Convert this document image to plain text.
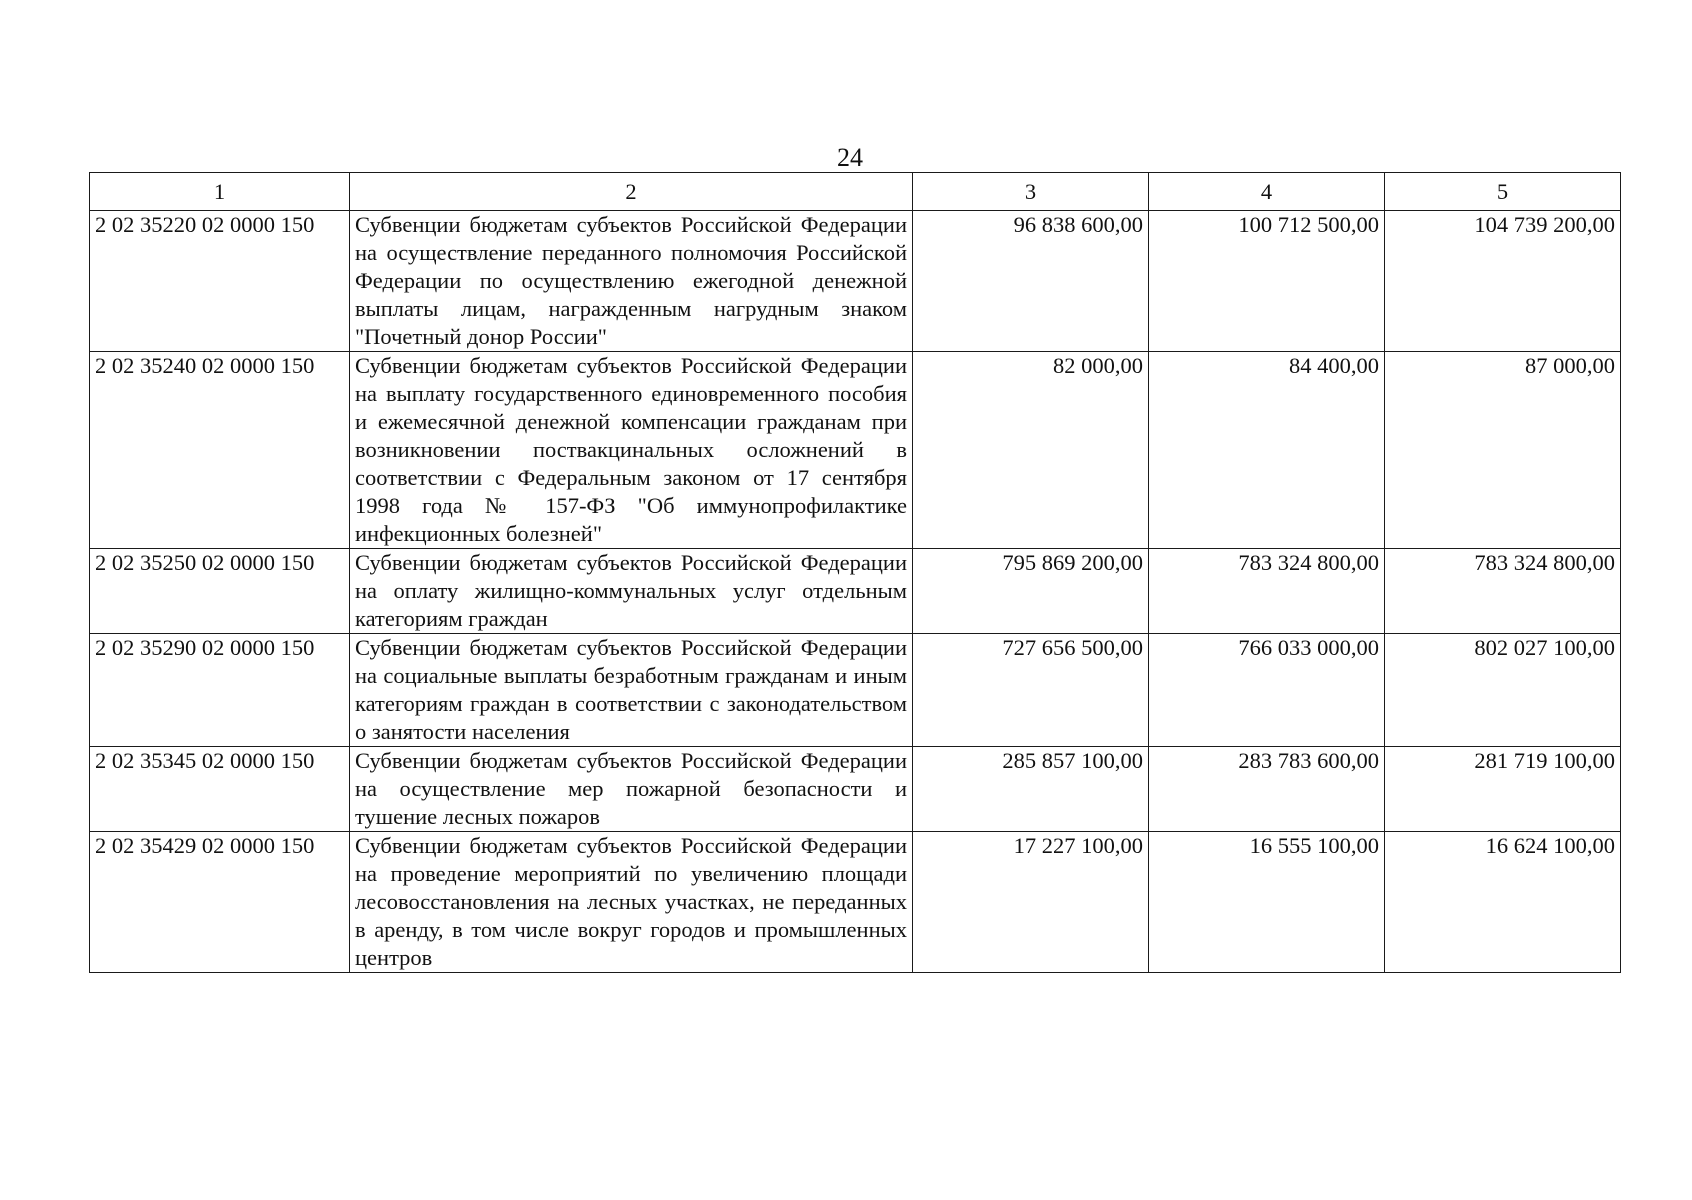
24
1	2	3	4	5
2 02 35220 02 0000 150	Субвенции бюджетам субъектов Российской Федерации на осуществление переданного полномочия Российской Федерации по осуществлению ежегодной денежной выплаты лицам, награжденным нагрудным знаком "Почетный донор России"	96 838 600,00	100 712 500,00	104 739 200,00
2 02 35240 02 0000 150	Субвенции бюджетам субъектов Российской Федерации на выплату государственного единовременного пособия и ежемесячной денежной компенсации гражданам при возникновении поствакцинальных осложнений в соответствии с Федеральным законом от 17 сентября 1998 года № 157-ФЗ "Об иммунопрофилактике инфекционных болезней"	82 000,00	84 400,00	87 000,00
2 02 35250 02 0000 150	Субвенции бюджетам субъектов Российской Федерации на оплату жилищно-коммунальных услуг отдельным категориям граждан	795 869 200,00	783 324 800,00	783 324 800,00
2 02 35290 02 0000 150	Субвенции бюджетам субъектов Российской Федерации на социальные выплаты безработным гражданам и иным категориям граждан в соответствии с законодательством о занятости населения	727 656 500,00	766 033 000,00	802 027 100,00
2 02 35345 02 0000 150	Субвенции бюджетам субъектов Российской Федерации на осуществление мер пожарной безопасности и тушение лесных пожаров	285 857 100,00	283 783 600,00	281 719 100,00
2 02 35429 02 0000 150	Субвенции бюджетам субъектов Российской Федерации на проведение мероприятий по увеличению площади лесовосстановления на лесных участках, не переданных в аренду, в том числе вокруг городов и промышленных центров	17 227 100,00	16 555 100,00	16 624 100,00
